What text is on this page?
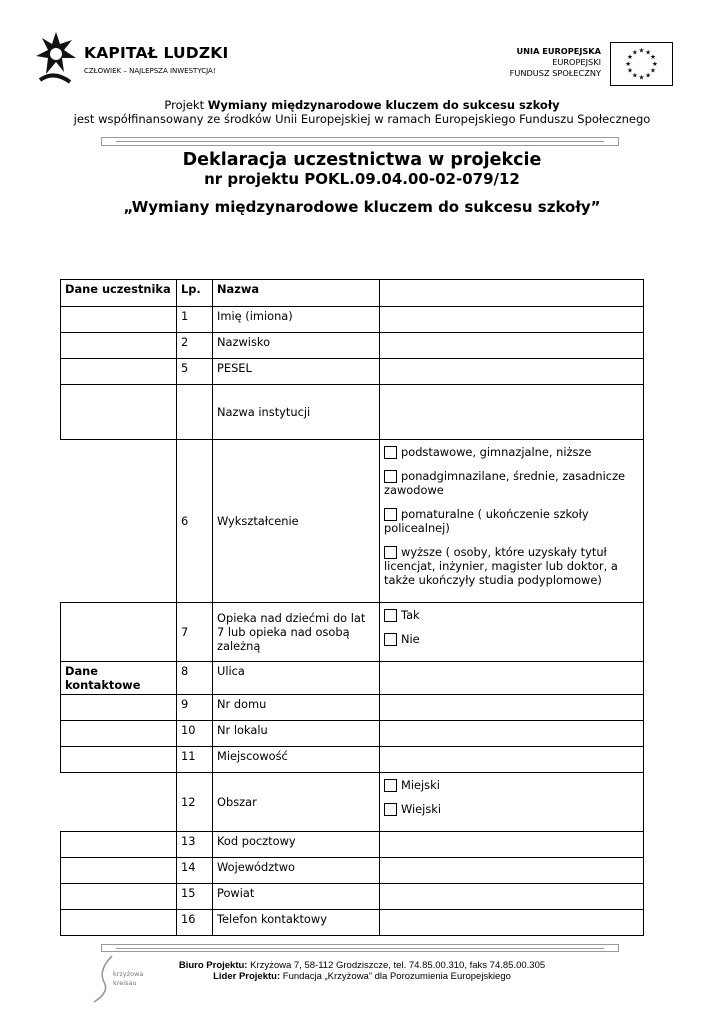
KAPITAŁ LUDZKI
CZŁOWIEK – NAJLEPSZA INWESTYCJA!
UNIA EUROPEJSKA
EUROPEJSKI
FUNDUSZ SPOŁECZNY
★ ★
★
★
★
★
★
★
★
★
★
★
Projekt Wymiany międzynarodowe kluczem do sukcesu szkoły
jest współfinansowany ze środków Unii Europejskiej w ramach Europejskiego Funduszu Społecznego
Deklaracja uczestnictwa w projekcie
nr projektu POKL.09.04.00-02-079/12
„Wymiany międzynarodowe kluczem do sukcesu szkoły”
Dane uczestnika	Lp.	Nazwa	
	1	Imię (imiona)	
	2	Nazwisko	
	5	PESEL	
		Nazwa instytucji	
	6	Wykształcenie	podstawowe, gimnazjalne, niższe
ponadgimnazilane, średnie, zasadnicze zawodowe
pomaturalne ( ukończenie szkoły policealnej)
wyższe ( osoby, które uzyskały tytuł licencjat, inżynier, magister lub doktor, a także ukończyły studia podyplomowe)

	7	Opieka nad dziećmi do lat 7 lub opieka nad osobą zależną	Tak
Nie

Dane kontaktowe	8	Ulica	
	9	Nr domu	
	10	Nr lokalu	
	11	Miejscowość	
	12	Obszar	Miejski
Wiejski

	13	Kod pocztowy	
	14	Województwo	
	15	Powiat	
	16	Telefon kontaktowy	
krzyżowa
kreisau
Biuro Projektu: Krzyżowa 7, 58-112 Grodziszcze, tel. 74.85.00.310, faks 74.85.00.305
Lider Projektu: Fundacja „Krzyżowa” dla Porozumienia Europejskiego
